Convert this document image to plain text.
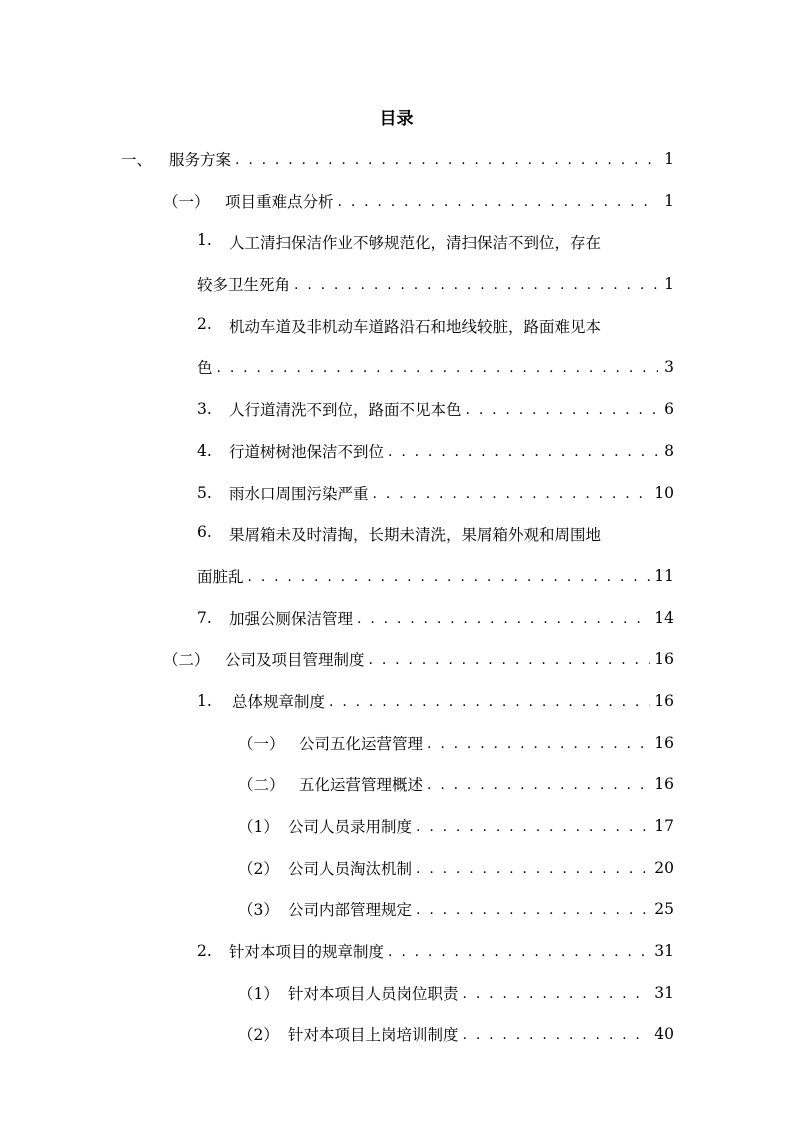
目录
一、	服务方案 . . .	1
（一） 项目重难点分析 . . .	1
1.	人工清扫保洁作业不够规范化，清扫保洁不到位，存在
较多卫生死角 . . .	1
2.	机动车道及非机动车道路沿石和地线较脏，路面难见本
色 . . .	3
3.	人行道清洗不到位，路面不见本色 . . .	6
4.	行道树树池保洁不到位 . . .	8
5.	雨水口周围污染严重 . . .	10
6.	果屑箱未及时清掏，长期未清洗，果屑箱外观和周围地
面脏乱 . . .	11
7.	加强公厕保洁管理 . . .	14
（二） 公司及项目管理制度 . . .	16
1.	总体规章制度 . . .	16
（一） 公司五化运营管理 . . .	16
（二） 五化运营管理概述 . . .	16
（1） 公司人员录用制度 . . .	17
（2） 公司人员淘汰机制 . . .	20
（3） 公司内部管理规定 . . .	25
2.	针对本项目的规章制度 . . .	31
（1） 针对本项目人员岗位职责 . . .	31
（2） 针对本项目上岗培训制度 . . .	40
